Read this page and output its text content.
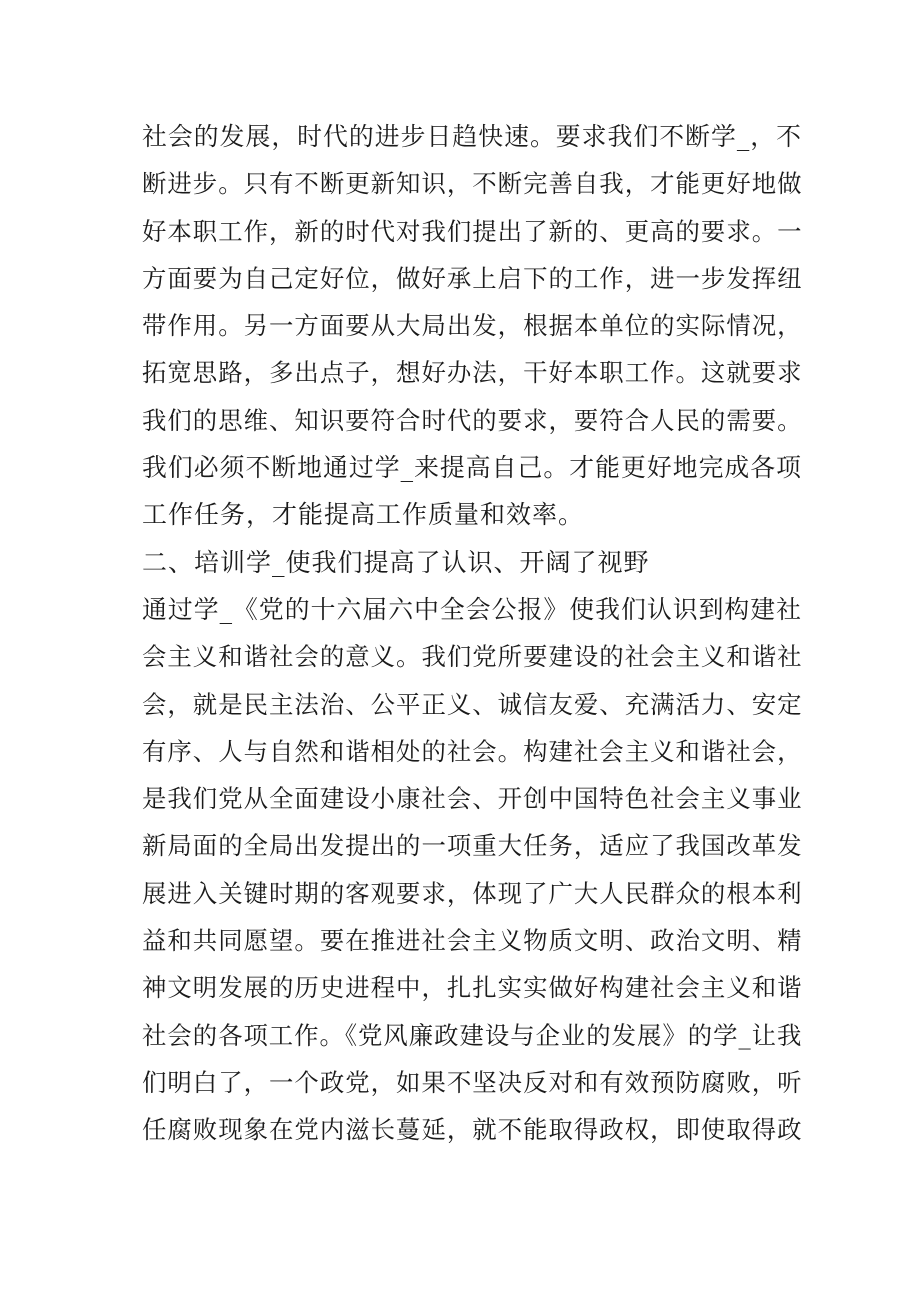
社会的发展，时代的进步日趋快速。要求我们不断学_，不
断进步。只有不断更新知识，不断完善自我，才能更好地做
好本职工作，新的时代对我们提出了新的、更高的要求。一
方面要为自己定好位，做好承上启下的工作，进一步发挥纽
带作用。另一方面要从大局出发，根据本单位的实际情况，
拓宽思路，多出点子，想好办法，干好本职工作。这就要求
我们的思维、知识要符合时代的要求，要符合人民的需要。
我们必须不断地通过学_来提高自己。才能更好地完成各项
工作任务，才能提高工作质量和效率。
二、培训学_使我们提高了认识、开阔了视野
通过学_《党的十六届六中全会公报》使我们认识到构建社
会主义和谐社会的意义。我们党所要建设的社会主义和谐社
会，就是民主法治、公平正义、诚信友爱、充满活力、安定
有序、人与自然和谐相处的社会。构建社会主义和谐社会，
是我们党从全面建设小康社会、开创中国特色社会主义事业
新局面的全局出发提出的一项重大任务，适应了我国改革发
展进入关键时期的客观要求，体现了广大人民群众的根本利
益和共同愿望。要在推进社会主义物质文明、政治文明、精
神文明发展的历史进程中，扎扎实实做好构建社会主义和谐
社会的各项工作。《党风廉政建设与企业的发展》的学_让我
们明白了，一个政党，如果不坚决反对和有效预防腐败，听
任腐败现象在党内滋长蔓延，就不能取得政权，即使取得政
